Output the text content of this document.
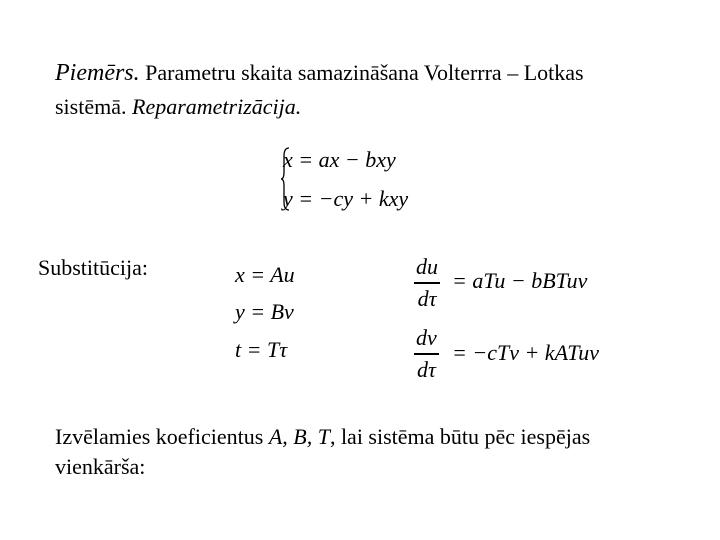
Piemērs. Parametru skaita samazināšana Volterrra – Lotkas
sistēmā. Reparametrizācija.
x = ax − bxy
y = −cy + kxy
Substitūcija:	x = Au
y = Bv
t = Tτ
du
dτ
= aTu − bBTuv
dv
dτ
= −cTv + kATuv
Izvēlamies koeficientus A, B, T, lai sistēma būtu pēc iespējas
vienkārša:
